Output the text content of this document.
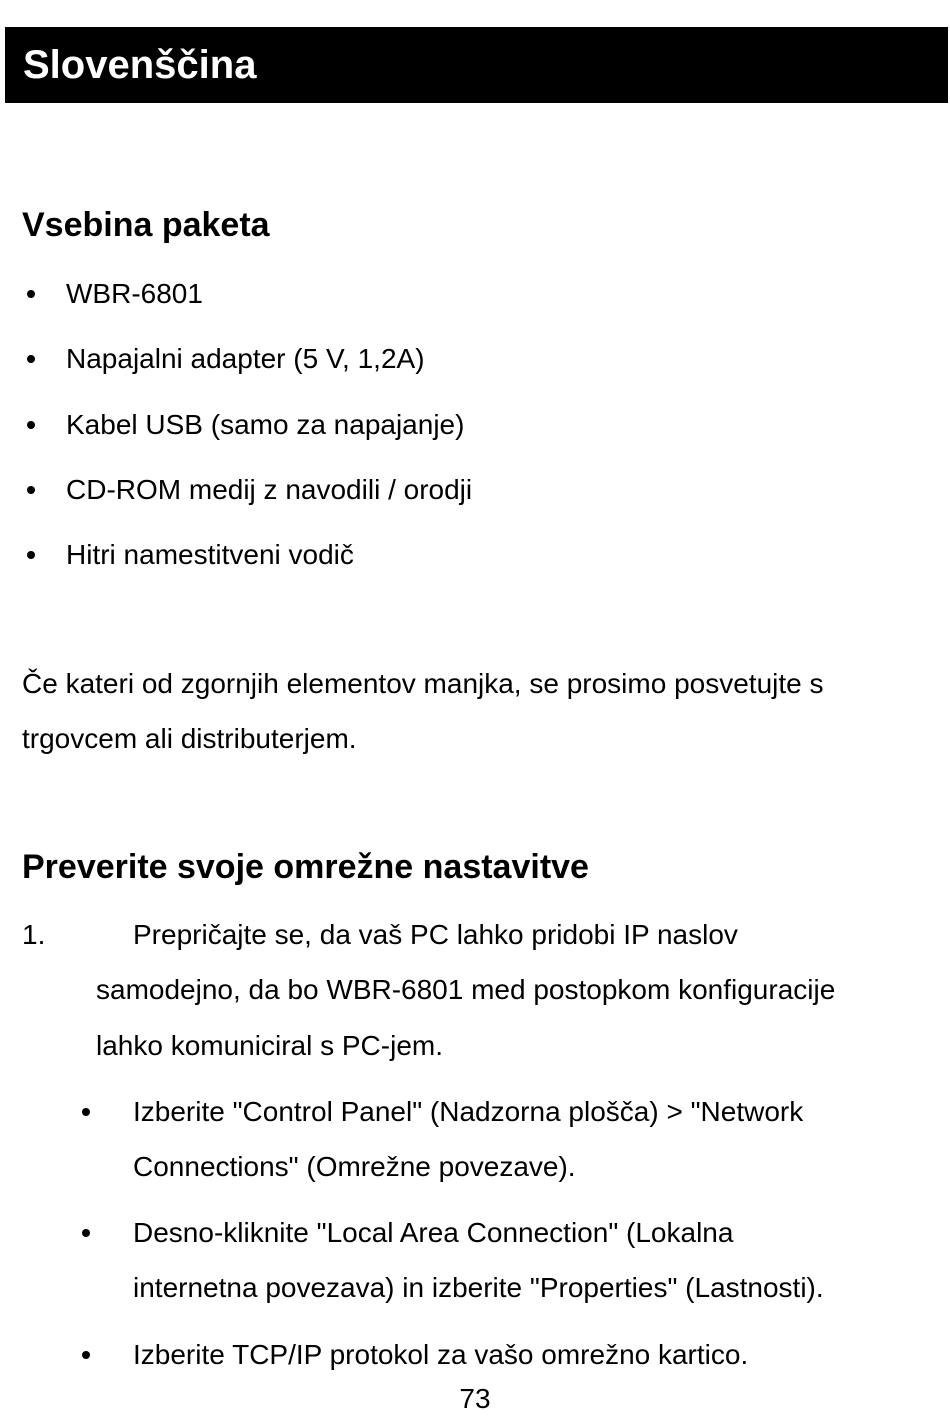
Slovenščina
Vsebina paketa
WBR-6801
Napajalni adapter (5 V, 1,2A)
Kabel USB (samo za napajanje)
CD-ROM medij z navodili / orodji
Hitri namestitveni vodič
Če kateri od zgornjih elementov manjka, se prosimo posvetujte s
trgovcem ali distributerjem.
Preverite svoje omrežne nastavitve
1.	Prepričajte se, da vaš PC lahko pridobi IP naslov
samodejno, da bo WBR-6801 med postopkom konfiguracije
lahko komuniciral s PC-jem.
Izberite "Control Panel" (Nadzorna plošča) > "Network
Connections" (Omrežne povezave).
Desno-kliknite "Local Area Connection" (Lokalna
internetna povezava) in izberite "Properties" (Lastnosti).
Izberite TCP/IP protokol za vašo omrežno kartico.
73
